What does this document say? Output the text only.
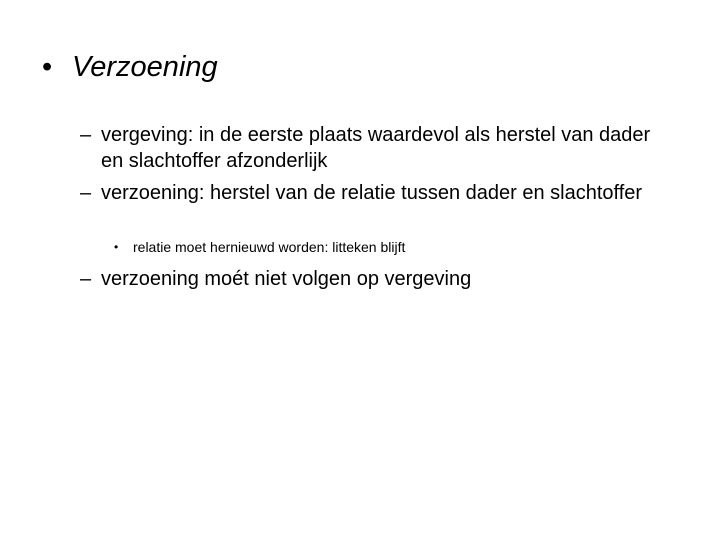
• Verzoening
– vergeving: in de eerste plaats waardevol als herstel van dader en slachtoffer afzonderlijk
– verzoening: herstel van de relatie tussen dader en slachtoffer
• relatie moet hernieuwd worden: litteken blijft
– verzoening moét niet volgen op vergeving
